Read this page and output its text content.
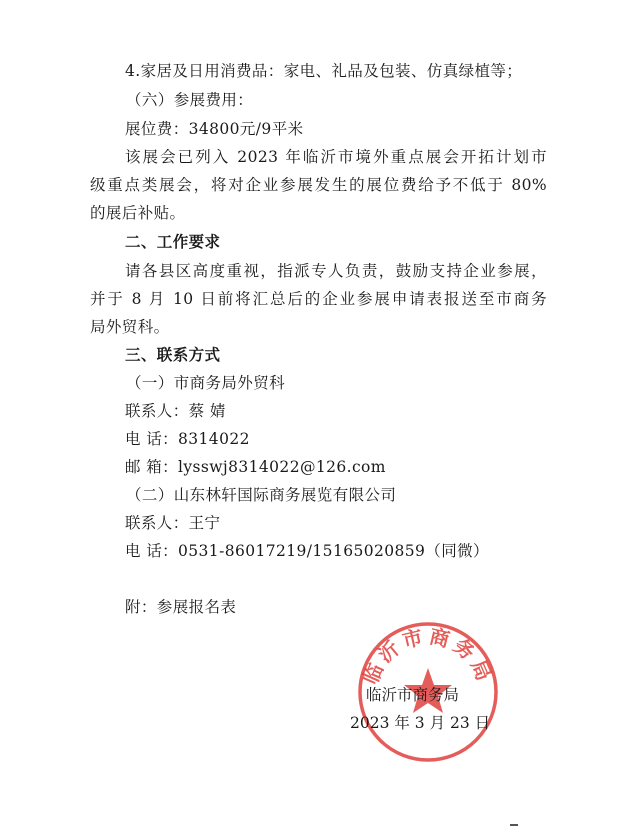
4.家居及日用消费品：家电、礼品及包装、仿真绿植等；
（六）参展费用：
展位费：34800元/9平米
该展会已列入 2023 年临沂市境外重点展会开拓计划市
级重点类展会，将对企业参展发生的展位费给予不低于 80%
的展后补贴。
二、工作要求
请各县区高度重视，指派专人负责，鼓励支持企业参展，
并于 8 月 10 日前将汇总后的企业参展申请表报送至市商务
局外贸科。
三、联系方式
（一）市商务局外贸科
联系人：蔡 婧
电 话：8314022
邮 箱：lysswj8314022@126.com
（二）山东林轩国际商务展览有限公司
联系人：王宁
电 话：0531-86017219/15165020859（同微）
附：参展报名表
临沂市商务局
临沂市商务局
2023 年 3 月 23 日
